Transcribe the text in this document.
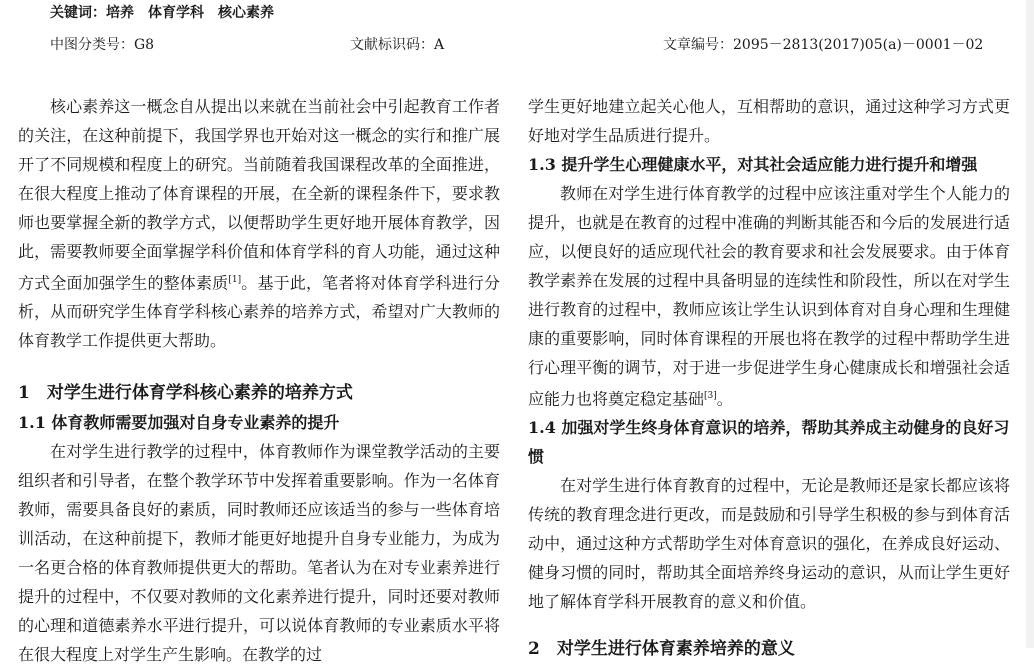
关键词：培养　体育学科　核心素养
中图分类号：G8	文献标识码：A	文章编号：2095－2813(2017)05(a)－0001－02

核心素养这一概念自从提出以来就在当前社会中引起教育工作者的关注，在这种前提下，我国学界也开始对这一概念的实行和推广展开了不同规模和程度上的研究。当前随着我国课程改革的全面推进，在很大程度上推动了体育课程的开展，在全新的课程条件下，要求教师也要掌握全新的教学方式，以便帮助学生更好地开展体育教学，因此，需要教师要全面掌握学科价值和体育学科的育人功能，通过这种方式全面加强学生的整体素质[1]。基于此，笔者将对体育学科进行分析，从而研究学生体育学科核心素养的培养方式，希望对广大教师的体育教学工作提供更大帮助。

1　对学生进行体育学科核心素养的培养方式
1.1 体育教师需要加强对自身专业素养的提升

在对学生进行教学的过程中，体育教师作为课堂教学活动的主要组织者和引导者，在整个教学环节中发挥着重要影响。作为一名体育教师，需要具备良好的素质，同时教师还应该适当的参与一些体育培训活动，在这种前提下，教师才能更好地提升自身专业能力，为成为一名更合格的体育教师提供更大的帮助。笔者认为在对专业素养进行提升的过程中，不仅要对教师的文化素养进行提升，同时还要对教师的心理和道德素养水平进行提升，可以说体育教师的专业素质水平将在很大程度上对学生产生影响。在教学的过

学生更好地建立起关心他人，互相帮助的意识，通过这种学习方式更好地对学生品质进行提升。

1.3 提升学生心理健康水平，对其社会适应能力进行提升和增强

教师在对学生进行体育教学的过程中应该注重对学生个人能力的提升，也就是在教育的过程中准确的判断其能否和今后的发展进行适应，以便良好的适应现代社会的教育要求和社会发展要求。由于体育教学素养在发展的过程中具备明显的连续性和阶段性，所以在对学生进行教育的过程中，教师应该让学生认识到体育对自身心理和生理健康的重要影响，同时体育课程的开展也将在教学的过程中帮助学生进行心理平衡的调节，对于进一步促进学生身心健康成长和增强社会适应能力也将奠定稳定基础[3]。

1.4 加强对学生终身体育意识的培养，帮助其养成主动健身的良好习惯

在对学生进行体育教育的过程中，无论是教师还是家长都应该将传统的教育理念进行更改，而是鼓励和引导学生积极的参与到体育活动中，通过这种方式帮助学生对体育意识的强化，在养成良好运动、健身习惯的同时，帮助其全面培养终身运动的意识，从而让学生更好地了解体育学科开展教育的意义和价值。

2　对学生进行体育素养培养的意义
